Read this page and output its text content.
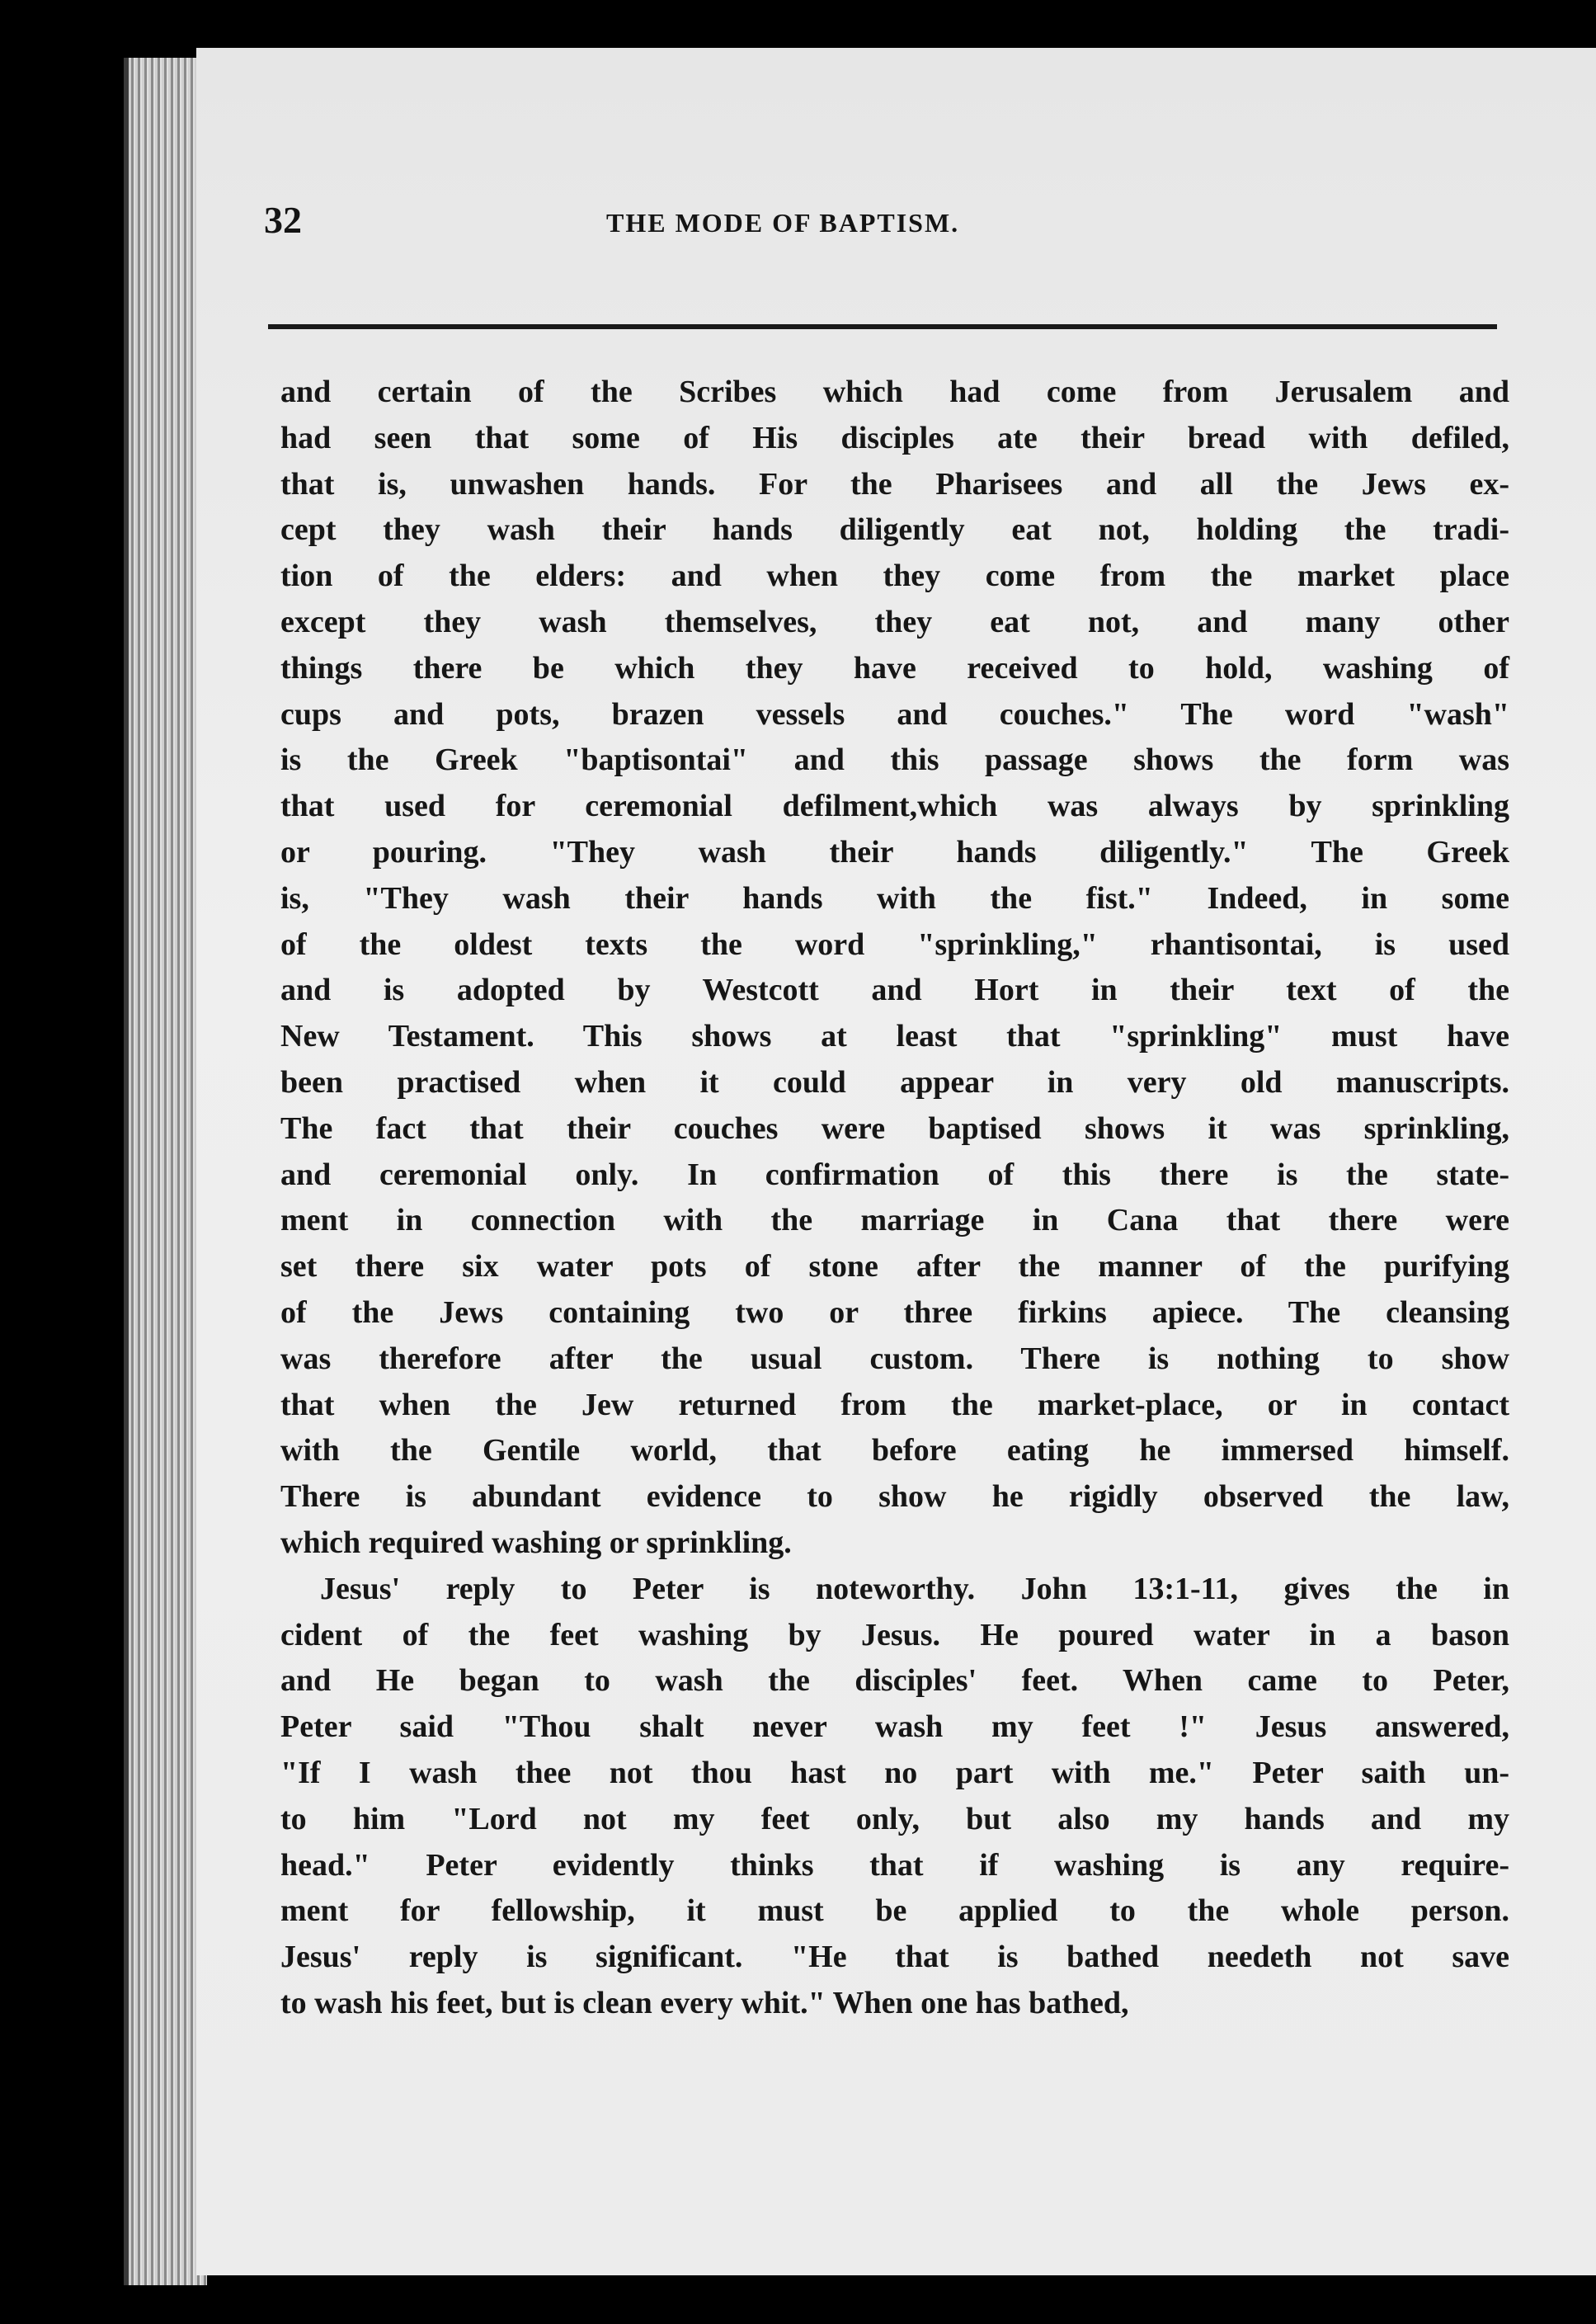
32	THE MODE OF BAPTISM.
and certain of the Scribes which had come from Jerusalem and
had seen that some of His disciples ate their bread with defiled,
that is, unwashen hands. For the Pharisees and all the Jews ex-
cept they wash their hands diligently eat not, holding the tradi-
tion of the elders: and when they come from the market place
except they wash themselves, they eat not, and many other
things there be which they have received to hold, washing of
cups and pots, brazen vessels and couches." The word "wash"
is the Greek "baptisontai" and this passage shows the form was
that used for ceremonial defilment,which was always by sprinkling
or pouring. "They wash their hands diligently." The Greek
is, "They wash their hands with the fist." Indeed, in some
of the oldest texts the word "sprinkling," rhantisontai, is used
and is adopted by Westcott and Hort in their text of the
New Testament. This shows at least that "sprinkling" must have
been practised when it could appear in very old manuscripts.
The fact that their couches were baptised shows it was sprinkling,
and ceremonial only. In confirmation of this there is the state-
ment in connection with the marriage in Cana that there were
set there six water pots of stone after the manner of the purifying
of the Jews containing two or three firkins apiece. The cleansing
was therefore after the usual custom. There is nothing to show
that when the Jew returned from the market-place, or in contact
with the Gentile world, that before eating he immersed himself.
There is abundant evidence to show he rigidly observed the law,
which required washing or sprinkling.
Jesus' reply to Peter is noteworthy. John 13:1-11, gives the in
cident of the feet washing by Jesus. He poured water in a bason
and He began to wash the disciples' feet. When came to Peter,
Peter said "Thou shalt never wash my feet !" Jesus answered,
"If I wash thee not thou hast no part with me." Peter saith un-
to him "Lord not my feet only, but also my hands and my
head." Peter evidently thinks that if washing is any require-
ment for fellowship, it must be applied to the whole person.
Jesus' reply is significant. "He that is bathed needeth not save
to wash his feet, but is clean every whit." When one has bathed,
